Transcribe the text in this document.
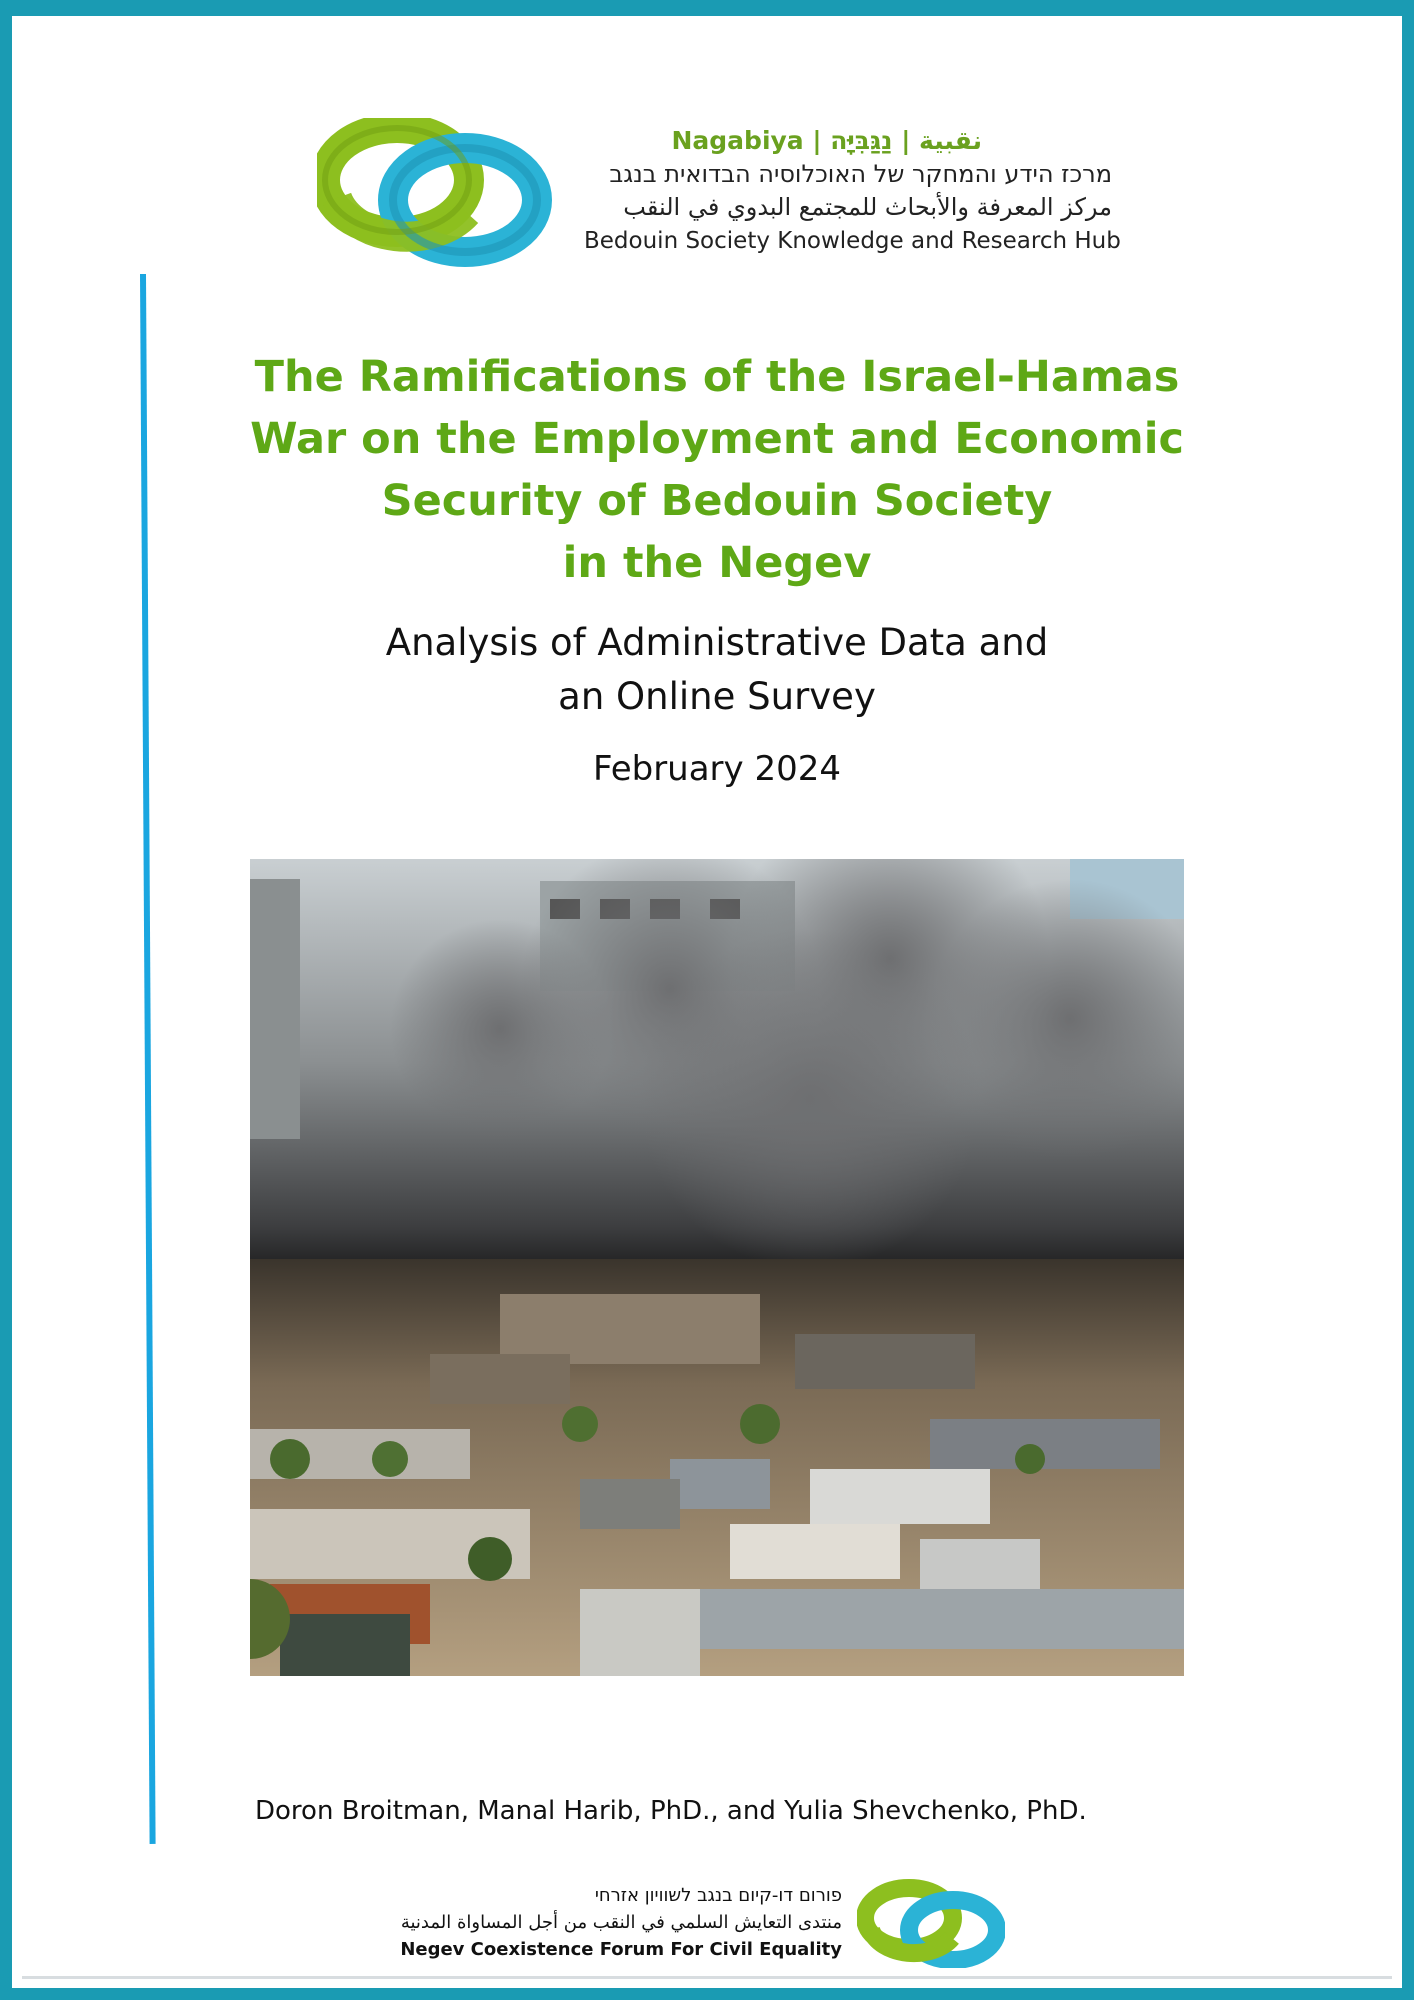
Nagabiya | نقبية | נַגַּבִּיָּה
מרכז הידע והמחקר של האוכלוסיה הבדואית בנגב
مركز المعرفة والأبحاث للمجتمع البدوي في النقب
Bedouin Society Knowledge and Research Hub
The Ramifications of the Israel-Hamas
War on the Employment and Economic
Security of Bedouin Society
in the Negev
Analysis of Administrative Data and
an Online Survey
February 2024
Doron Broitman, Manal Harib, PhD., and Yulia Shevchenko, PhD.
פורום דו-קיום בנגב לשוויון אזרחי
منتدى التعايش السلمي في النقب من أجل المساواة المدنية
Negev Coexistence Forum For Civil Equality
